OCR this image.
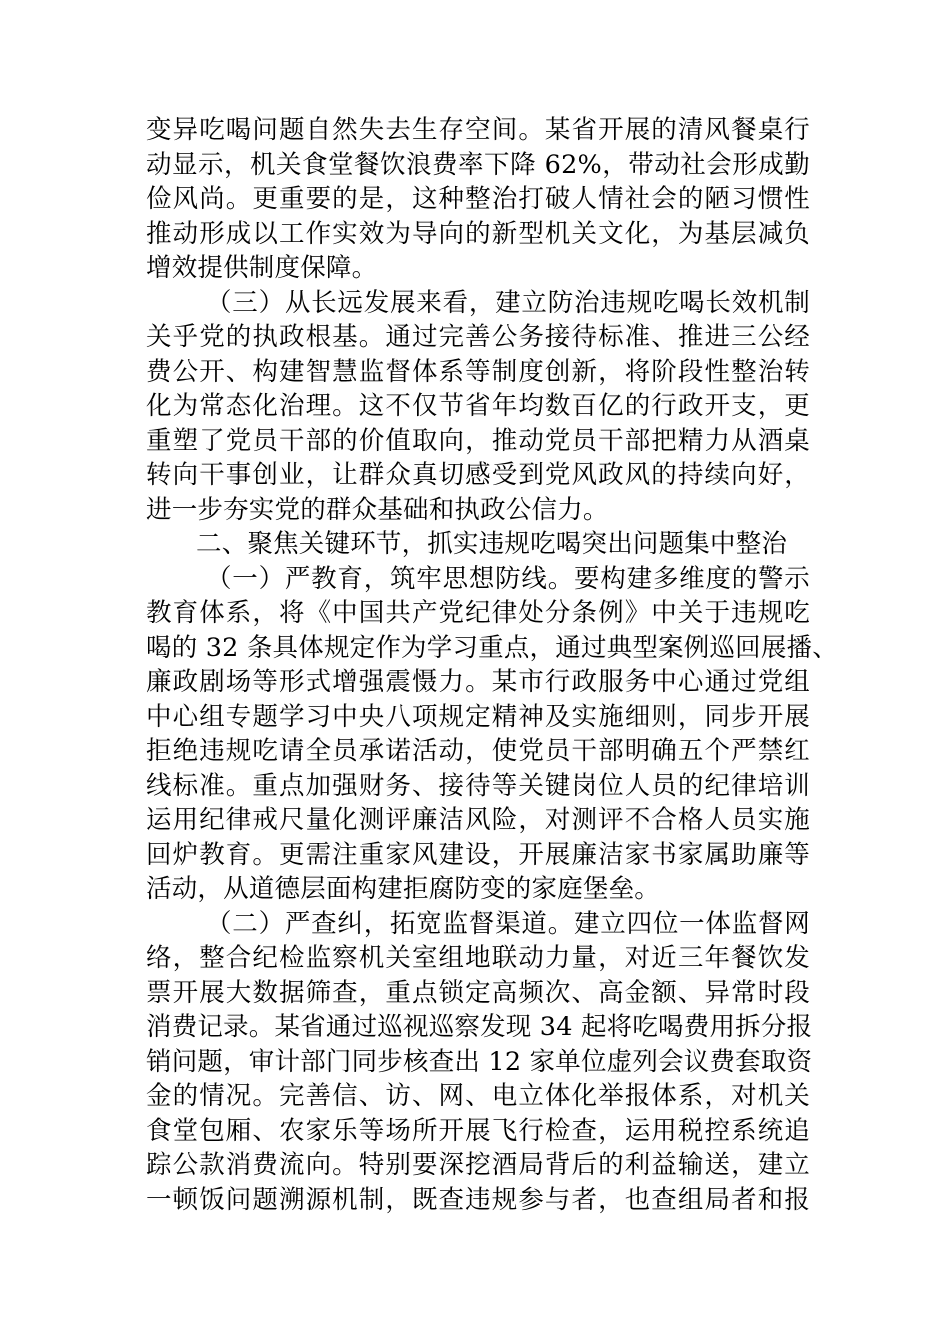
变异吃喝问题自然失去生存空间。某省开展的清风餐桌行
动显示，机关食堂餐饮浪费率下降 62%，带动社会形成勤
俭风尚。更重要的是，这种整治打破人情社会的陋习惯性
推动形成以工作实效为导向的新型机关文化，为基层减负
增效提供制度保障。
（三）从长远发展来看，建立防治违规吃喝长效机制
关乎党的执政根基。通过完善公务接待标准、推进三公经
费公开、构建智慧监督体系等制度创新，将阶段性整治转
化为常态化治理。这不仅节省年均数百亿的行政开支，更
重塑了党员干部的价值取向，推动党员干部把精力从酒桌
转向干事创业，让群众真切感受到党风政风的持续向好，
进一步夯实党的群众基础和执政公信力。
二、聚焦关键环节，抓实违规吃喝突出问题集中整治
（一）严教育，筑牢思想防线。要构建多维度的警示
教育体系，将《中国共产党纪律处分条例》中关于违规吃
喝的 32 条具体规定作为学习重点，通过典型案例巡回展播、
廉政剧场等形式增强震慑力。某市行政服务中心通过党组
中心组专题学习中央八项规定精神及实施细则，同步开展
拒绝违规吃请全员承诺活动，使党员干部明确五个严禁红
线标准。重点加强财务、接待等关键岗位人员的纪律培训
运用纪律戒尺量化测评廉洁风险，对测评不合格人员实施
回炉教育。更需注重家风建设，开展廉洁家书家属助廉等
活动，从道德层面构建拒腐防变的家庭堡垒。
（二）严查纠，拓宽监督渠道。建立四位一体监督网
络，整合纪检监察机关室组地联动力量，对近三年餐饮发
票开展大数据筛查，重点锁定高频次、高金额、异常时段
消费记录。某省通过巡视巡察发现 34 起将吃喝费用拆分报
销问题，审计部门同步核查出 12 家单位虚列会议费套取资
金的情况。完善信、访、网、电立体化举报体系，对机关
食堂包厢、农家乐等场所开展飞行检查，运用税控系统追
踪公款消费流向。特别要深挖酒局背后的利益输送，建立
一顿饭问题溯源机制，既查违规参与者，也查组局者和报
